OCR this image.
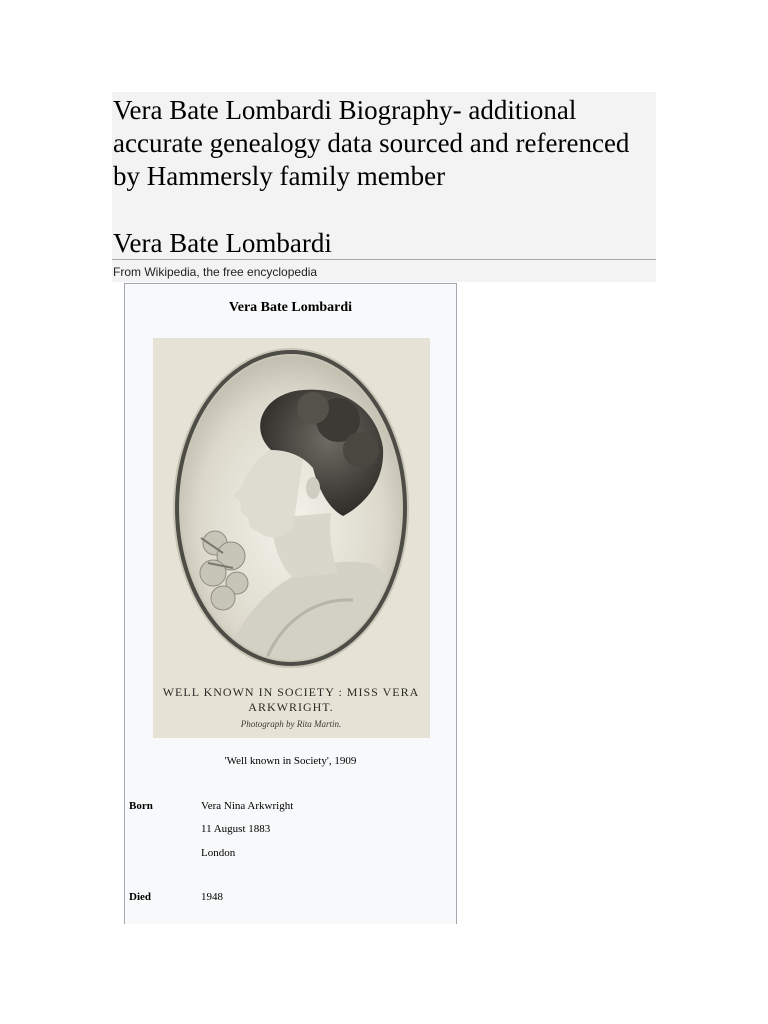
Vera Bate Lombardi Biography- additional accurate genealogy data sourced and referenced by Hammersly family member
Vera Bate Lombardi
From Wikipedia, the free encyclopedia
Vera Bate Lombardi
WELL KNOWN IN SOCIETY : MISS VERA
ARKWRIGHT.
Photograph by Rita Martin.
'Well known in Society', 1909
Born	Vera Nina Arkwright
11 August 1883
London
Died	1948
